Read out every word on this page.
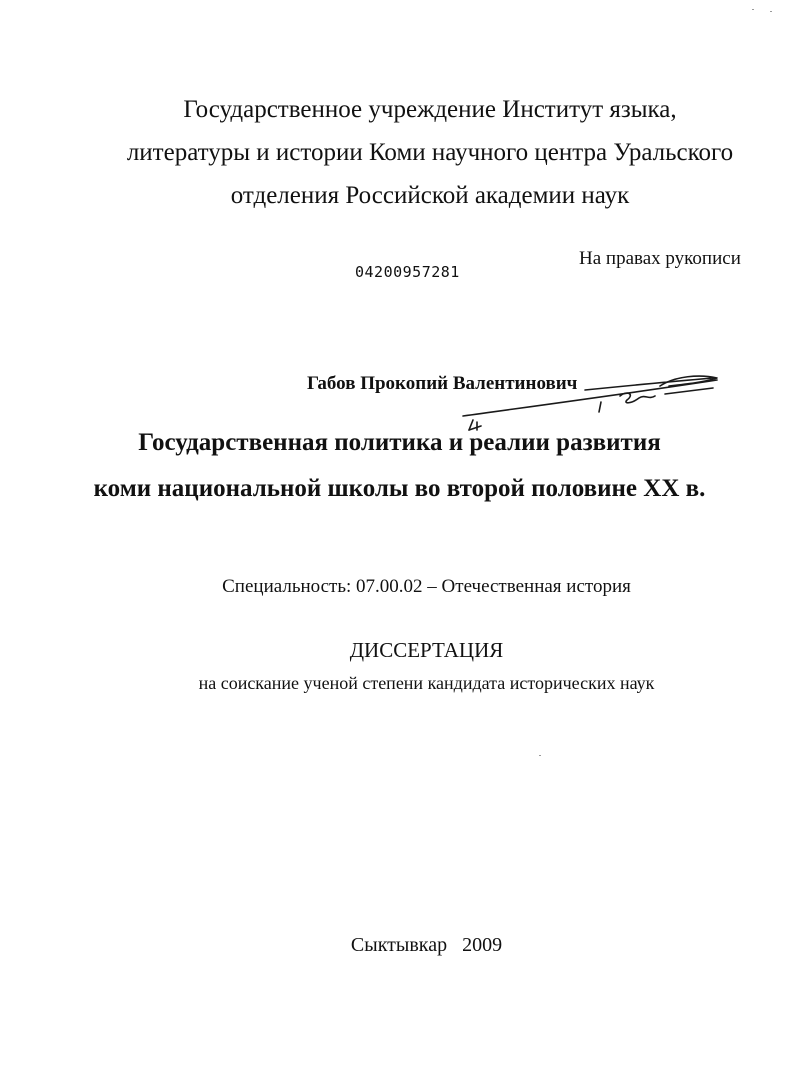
Государственное учреждение Институт языка,
литературы и истории Коми научного центра Уральского
отделения Российской академии наук
На правах рукописи
04200957281
Габов Прокопий Валентинович
Государственная политика и реалии развития
коми национальной школы во второй половине XX в.
Специальность: 07.00.02 – Отечественная история
ДИССЕРТАЦИЯ
на соискание ученой степени кандидата исторических наук
Сыктывкар   2009
